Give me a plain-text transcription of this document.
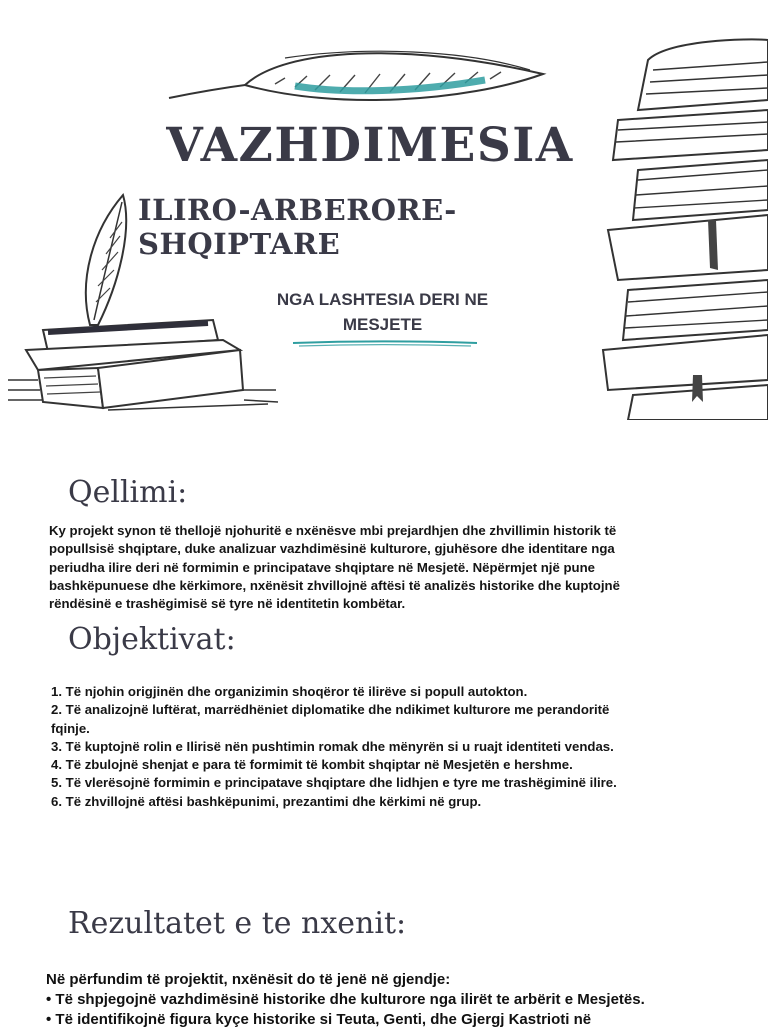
VAZHDIMESIA
ILIRO-ARBERORE-SHQIPTARE
NGA LASHTESIA DERI NE
MESJETE
Qellimi:
Ky projekt synon të thellojë njohuritë e nxënësve mbi prejardhjen dhe zhvillimin historik të
popullsisë shqiptare, duke analizuar vazhdimësinë kulturore, gjuhësore dhe identitare nga
periudha ilire deri në formimin e principatave shqiptare në Mesjetë. Nëpërmjet një pune
bashkëpunuese dhe kërkimore, nxënësit zhvillojnë aftësi të analizës historike dhe kuptojnë
rëndësinë e trashëgimisë së tyre në identitetin kombëtar.
Objektivat:
1. Të njohin origjinën dhe organizimin shoqëror të ilirëve si popull autokton.
2. Të analizojnë luftërat, marrëdhëniet diplomatike dhe ndikimet kulturore me perandoritë
fqinje.
3. Të kuptojnë rolin e Ilirisë nën pushtimin romak dhe mënyrën si u ruajt identiteti vendas.
4. Të zbulojnë shenjat e para të formimit të kombit shqiptar në Mesjetën e hershme.
5. Të vlerësojnë formimin e principatave shqiptare dhe lidhjen e tyre me trashëgiminë ilire.
6. Të zhvillojnë aftësi bashkëpunimi, prezantimi dhe kërkimi në grup.
Rezultatet e te nxenit:
Në përfundim të projektit, nxënësit do të jenë në gjendje:
• Të shpjegojnë vazhdimësinë historike dhe kulturore nga ilirët te arbërit e Mesjetës.
• Të identifikojnë figura kyçe historike si Teuta, Genti, dhe Gjergj Kastrioti në
